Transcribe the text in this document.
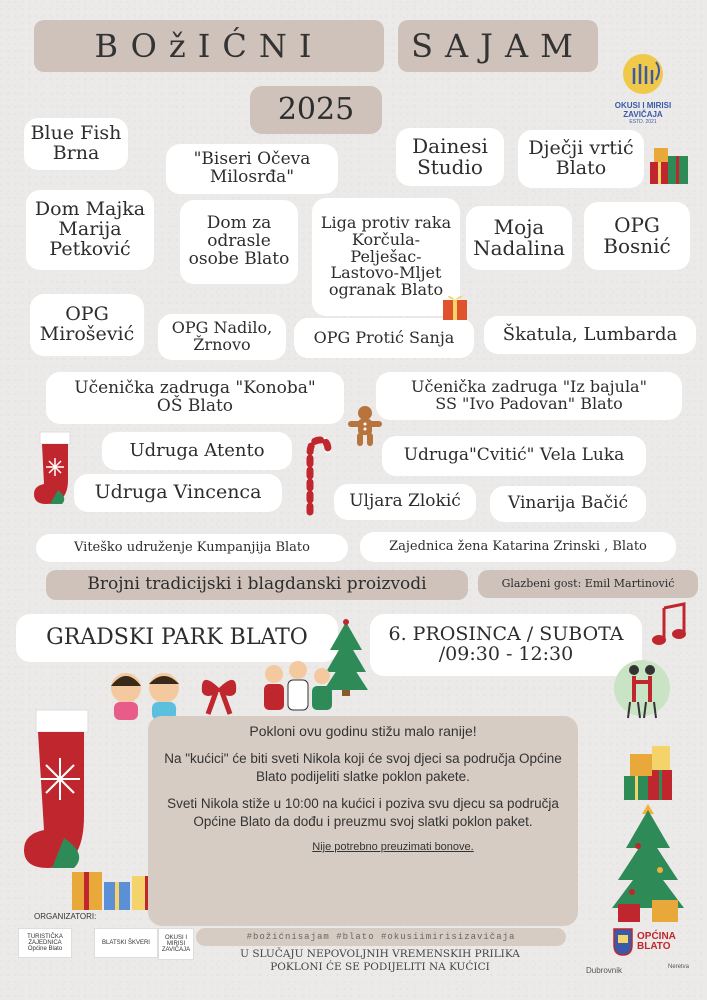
BOžIĆNI	SAJAM
2025	OKUSI I MIRISI
ZAVIČAJA
ESTD. 2021
Blue Fish
Brna	"Biseri Očeva
Milosrđa"
Dainesi
Studio
Dječji vrtić
Blato
Dom Majka
Marija
Petković
Dom za
odrasle
osobe Blato
Liga protiv raka
Korčula-
Pelješac-
Lastovo-Mljet
ogranak Blato
Moja
Nadalina
OPG
Bosnić
OPG
Mirošević OPG Nadilo,
Žrnovo	OPG Protić Sanja	Škatula, Lumbarda
Učenička zadruga "Konoba"
OŠ Blato
Učenička zadruga "Iz bajula"
SS "Ivo Padovan" Blato
Udruga Atento	Udruga"Cvitić" Vela Luka
Udruga Vincenca	Uljara Zlokić	Vinarija Bačić
Viteško udruženje Kumpanjija Blato	Zajednica žena Katarina Zrinski , Blato
Brojni tradicijski i blagdanski proizvodi	Glazbeni gost: Emil Martinović
GRADSKI PARK BLATO	6. PROSINCA / SUBOTA
/09:30 - 12:30

Pokloni ovu godinu stižu malo ranije!

Na "kućici" će biti sveti Nikola koji će svoj djeci sa područja Općine Blato podijeliti slatke poklon pakete.

Sveti Nikola stiže u 10:00 na kućici i poziva svu djecu sa područja Općine Blato da dođu i preuzmu svoj slatki poklon paket.

Nije potrebno preuzimati bonove.

ORGANIZATORI:
TURISTIČKA ZAJEDNICA Općine Blato
BLATSKI ŠKVERI
OKUSI I MIRISI ZAVIČAJA
#božićnisajam #blato #okusiimirisizavičaja
U SLUČAJU NEPOVOLJNIH VREMENSKIH PRILIKA
POKLONI ĆE SE PODIJELITI NA KUĆICI
OPĆINA
BLATO
Dubrovnik	Neretva
